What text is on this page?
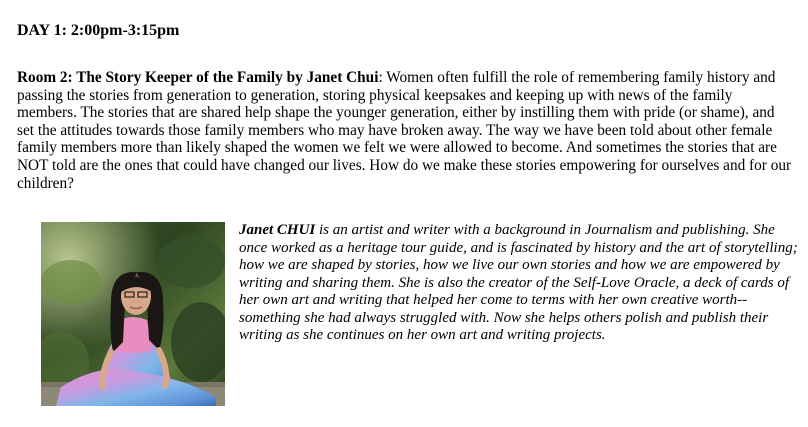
DAY 1: 2:00pm-3:15pm

Room 2: The Story Keeper of the Family by Janet Chui: Women often fulfill the role of remembering family history and passing the stories from generation to generation, storing physical keepsakes and keeping up with news of the family members. The stories that are shared help shape the younger generation, either by instilling them with pride (or shame), and set the attitudes towards those family members who may have broken away. The way we have been told about other female family members more than likely shaped the women we felt we were allowed to become. And sometimes the stories that are NOT told are the ones that could have changed our lives. How do we make these stories empowering for ourselves and for our children?

Janet CHUI is an artist and writer with a background in Journalism and publishing. She once worked as a heritage tour guide, and is fascinated by history and the art of storytelling; how we are shaped by stories, how we live our own stories and how we are empowered by writing and sharing them. She is also the creator of the Self-Love Oracle, a deck of cards of her own art and writing that helped her come to terms with her own creative worth--something she had always struggled with. Now she helps others polish and publish their writing as she continues on her own art and writing projects.
